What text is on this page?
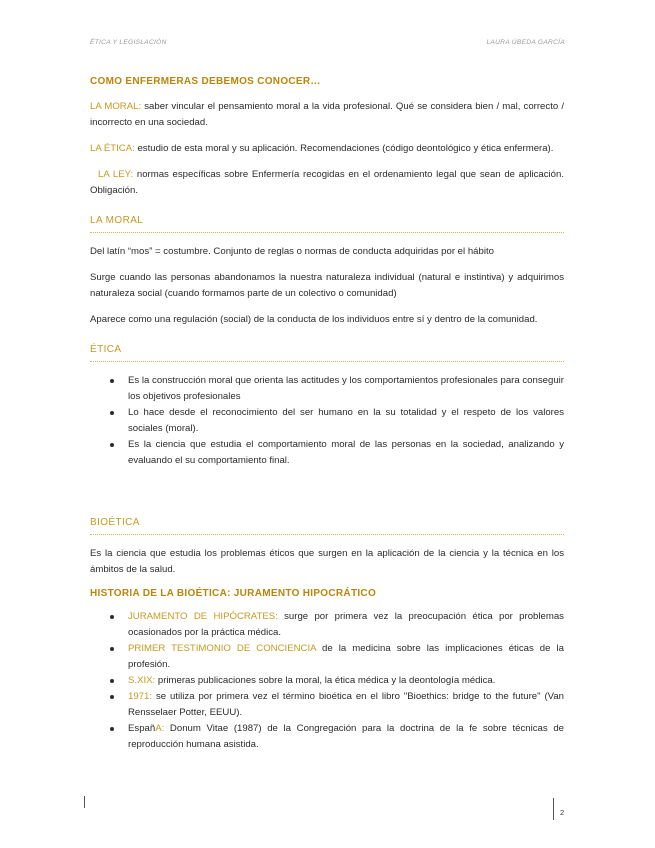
ÉTICA Y LEGISLACIÓN	LAURA ÚBEDA GARCÍA
COMO ENFERMERAS DEBEMOS CONOCER…

LA MORAL: saber vincular el pensamiento moral a la vida profesional. Qué se considera bien / mal, correcto / incorrecto en una sociedad.

LA ÉTICA: estudio de esta moral y su aplicación. Recomendaciones (código deontológico y ética enfermera).

LA LEY: normas específicas sobre Enfermería recogidas en el ordenamiento legal que sean de aplicación. Obligación.

LA MORAL

Del latín “mos” = costumbre. Conjunto de reglas o normas de conducta adquiridas por el hábito

Surge cuando las personas abandonamos la nuestra naturaleza individual (natural e instintiva) y adquirimos naturaleza social (cuando formamos parte de un colectivo o comunidad)

Aparece como una regulación (social) de la conducta de los individuos entre sí y dentro de la comunidad.

ÉTICA
Es la construcción moral que orienta las actitudes y los comportamientos profesionales para conseguir los objetivos profesionales
Lo hace desde el reconocimiento del ser humano en la su totalidad y el respeto de los valores sociales (moral).
Es la ciencia que estudia el comportamiento moral de las personas en la sociedad, analizando y evaluando el su comportamiento final.
BIOÉTICA

Es la ciencia que estudia los problemas éticos que surgen en la aplicación de la ciencia y la técnica en los ámbitos de la salud.

HISTORIA DE LA BIOÉTICA: JURAMENTO HIPOCRÁTICO
JURAMENTO DE HIPÓCRATES: surge por primera vez la preocupación ética por problemas ocasionados por la práctica médica.
PRIMER TESTIMONIO DE CONCIENCIA de la medicina sobre las implicaciones éticas de la profesión.
S.XIX: primeras publicaciones sobre la moral, la ética médica y la deontología médica.
1971: se utiliza por primera vez el término bioética en el libro "Bioethics: bridge to the future" (Van Rensselaer Potter, EEUU).
EspañA: Donum Vitae (1987) de la Congregación para la doctrina de la fe sobre técnicas de reproducción humana asistida.
2
